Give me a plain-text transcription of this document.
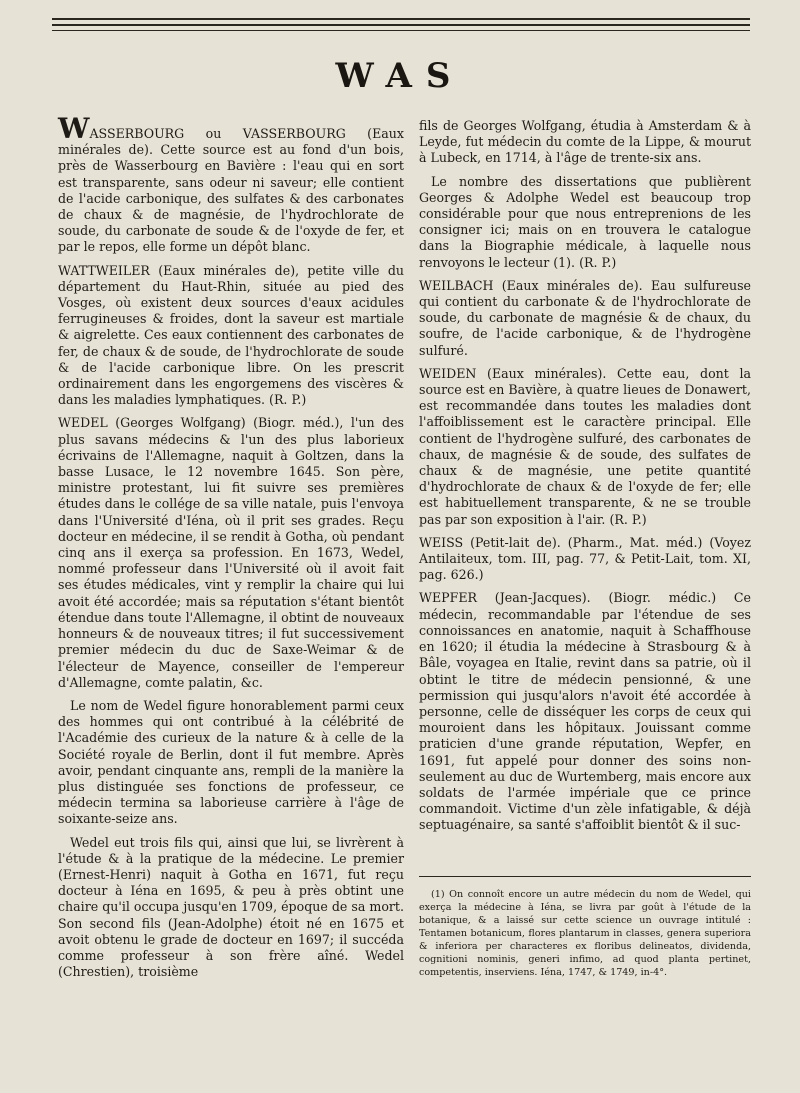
WAS

WASSERBOURG ou VASSERBOURG (Eaux minérales de). Cette source est au fond d'un bois, près de Wasserbourg en Bavière : l'eau qui en sort est transparente, sans odeur ni saveur; elle contient de l'acide carbonique, des sulfates & des carbonates de chaux & de magnésie, de l'hydrochlorate de soude, du carbonate de soude & de l'oxyde de fer, et par le repos, elle forme un dépôt blanc.

WATTWEILER (Eaux minérales de), petite ville du département du Haut-Rhin, située au pied des Vosges, où existent deux sources d'eaux acidules ferrugineuses & froides, dont la saveur est martiale & aigrelette. Ces eaux contiennent des carbonates de fer, de chaux & de soude, de l'hydrochlorate de soude & de l'acide carbonique libre. On les prescrit ordinairement dans les engorgemens des viscères & dans les maladies lymphatiques. (R. P.)

WEDEL (Georges Wolfgang) (Biogr. méd.), l'un des plus savans médecins & l'un des plus laborieux écrivains de l'Allemagne, naquit à Goltzen, dans la basse Lusace, le 12 novembre 1645. Son père, ministre protestant, lui fit suivre ses premières études dans le collége de sa ville natale, puis l'envoya dans l'Université d'Iéna, où il prit ses grades. Reçu docteur en médecine, il se rendit à Gotha, où pendant cinq ans il exerça sa profession. En 1673, Wedel, nommé professeur dans l'Université où il avoit fait ses études médicales, vint y remplir la chaire qui lui avoit été accordée; mais sa réputation s'étant bientôt étendue dans toute l'Allemagne, il obtint de nouveaux honneurs & de nouveaux titres; il fut successivement premier médecin du duc de Saxe-Weimar & de l'électeur de Mayence, conseiller de l'empereur d'Allemagne, comte palatin, &c.

Le nom de Wedel figure honorablement parmi ceux des hommes qui ont contribué à la célébrité de l'Académie des curieux de la nature & à celle de la Société royale de Berlin, dont il fut membre. Après avoir, pendant cinquante ans, rempli de la manière la plus distinguée ses fonctions de professeur, ce médecin termina sa laborieuse carrière à l'âge de soixante-seize ans.

Wedel eut trois fils qui, ainsi que lui, se livrèrent à l'étude & à la pratique de la médecine. Le premier (Ernest-Henri) naquit à Gotha en 1671, fut reçu docteur à Iéna en 1695, & peu à près obtint une chaire qu'il occupa jusqu'en 1709, époque de sa mort. Son second fils (Jean-Adolphe) étoit né en 1675 et avoit obtenu le grade de docteur en 1697; il succéda comme professeur à son frère aîné. Wedel (Chrestien), troisième

fils de Georges Wolfgang, étudia à Amsterdam & à Leyde, fut médecin du comte de la Lippe, & mourut à Lubeck, en 1714, à l'âge de trente-six ans.

Le nombre des dissertations que publièrent Georges & Adolphe Wedel est beaucoup trop considérable pour que nous entreprenions de les consigner ici; mais on en trouvera le catalogue dans la Biographie médicale, à laquelle nous renvoyons le lecteur (1). (R. P.)

WEILBACH (Eaux minérales de). Eau sulfureuse qui contient du carbonate & de l'hydrochlorate de soude, du carbonate de magnésie & de chaux, du soufre, de l'acide carbonique, & de l'hydrogène sulfuré.

WEIDEN (Eaux minérales). Cette eau, dont la source est en Bavière, à quatre lieues de Donawert, est recommandée dans toutes les maladies dont l'affoiblissement est le caractère principal. Elle contient de l'hydrogène sulfuré, des carbonates de chaux, de magnésie & de soude, des sulfates de chaux & de magnésie, une petite quantité d'hydrochlorate de chaux & de l'oxyde de fer; elle est habituellement transparente, & ne se trouble pas par son exposition à l'air. (R. P.)

WEISS (Petit-lait de). (Pharm., Mat. méd.) (Voyez Antilaiteux, tom. III, pag. 77, & Petit-Lait, tom. XI, pag. 626.)

WEPFER (Jean-Jacques). (Biogr. médic.) Ce médecin, recommandable par l'étendue de ses connoissances en anatomie, naquit à Schaffhouse en 1620; il étudia la médecine à Strasbourg & à Bâle, voyagea en Italie, revint dans sa patrie, où il obtint le titre de médecin pensionné, & une permission qui jusqu'alors n'avoit été accordée à personne, celle de disséquer les corps de ceux qui mouroient dans les hôpitaux. Jouissant comme praticien d'une grande réputation, Wepfer, en 1691, fut appelé pour donner des soins non-seulement au duc de Wurtemberg, mais encore aux soldats de l'armée impériale que ce prince commandoit. Victime d'un zèle infatigable, & déjà septuagénaire, sa santé s'affoiblit bientôt & il suc-

(1) On connoît encore un autre médecin du nom de Wedel, qui exerça la médecine à Iéna, se livra par goût à l'étude de la botanique, & a laissé sur cette science un ouvrage intitulé : Tentamen botanicum, flores plantarum in classes, genera superiora & inferiora per characteres ex floribus delineatos, dividenda, cognitioni nominis, generi infimo, ad quod planta pertinet, competentis, inserviens. Iéna, 1747, & 1749, in-4°.
